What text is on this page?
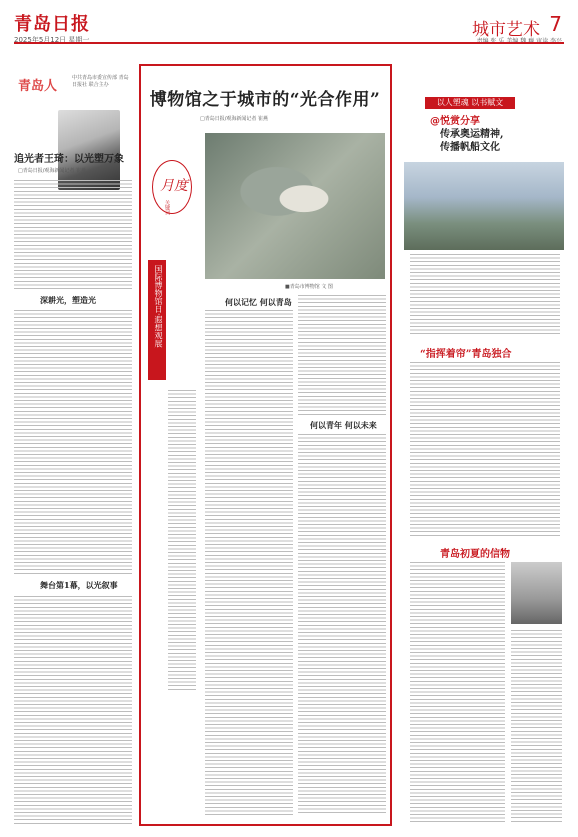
青岛日报
2025年5月12日 星期一	城市艺术 7
责编 张 乐 美编 魏 巍 审读 李兴
青岛人
中共青岛市委宣传部 青岛日报社 联合主办
追光者王琦：以光塑万象
□青岛日报/观海新闻记者 崔燕
深耕光，塑造光
舞台第1幕，以光叙事
博物馆之于城市的“光合作用”
□青岛日报/观海新闻记者 崔燕
月度
关键词
国际博物馆日·遐想观展	■青岛市博物馆 文 图
何以记忆 何以青岛
何以青年 何以未来
以人塑魂 以书赋文
@悦赏分享
传承奥运精神,
传播帆船文化
“指挥着帘”青岛独合
青岛初夏的信物
